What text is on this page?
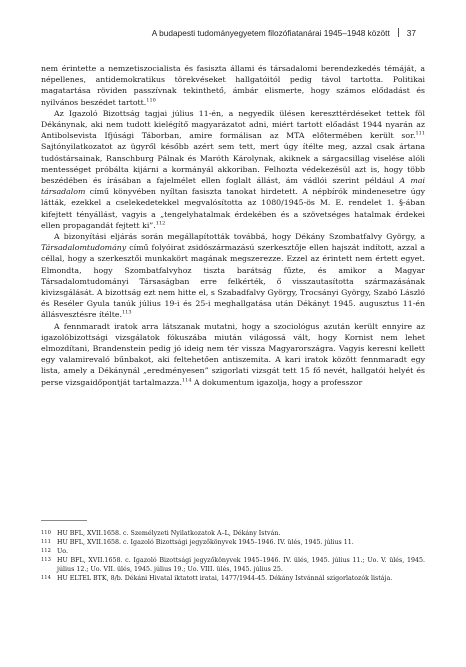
A budapesti tudományegyetem filozófiatanárai 1945–1948 között 37

nem érintette a nemzetiszocialista és fasiszta állami és társadalomi berendezkedés témáját, a népellenes, antidemokratikus törekvéseket hallgatóitól pedig távol tartotta. Politikai magatartása röviden passzívnak tekinthető, ámbár elismerte, hogy számos elődadást és nyilvános beszédet tartott.$^{110}$

Az Igazoló Bizottság tagjai július 11-én, a negyedik ülésen kereszttérdéseket tettek föl Dékánynak, aki nem tudott kielégítő magyarázatot adni, miért tartott előadást 1944 nyarán az Antibolsevista Ifjúsági Táborban, amire formálisan az MTA előtermében került sor.$^{111}$ Sajtónyilatkozatot az ügyről később azért sem tett, mert úgy ítélte meg, azzal csak ártana tudóstársainak, Ranschburg Pálnak és Maróth Károlynak, akiknek a sárgacsillag viselése alóli mentességet próbálta kijárni a kormányál akkoriban. Felhozta védekezésül azt is, hogy több beszédében és írásában a fajelmélet ellen foglalt állást, ám vádlói szerint például A mai társadalom című könyvében nyíltan fasiszta tanokat hirdetett. A népbírók mindenesetre úgy látták, ezekkel a cselekedetekkel megvalósította az 1080/1945-ös M. E. rendelet 1. §-ában kifejtett tényállást, vagyis a „tengelyhatalmak érdekében és a szövetséges hatalmak érdekei ellen propagandát fejtett ki”.$^{112}$

A bizonyítási eljárás során megállapították továbbá, hogy Dékány Szombatfalvy György, a Társadalomtudomány című folyóirat zsidószármazású szerkesztője ellen hajszát indított, azzal a céllal, hogy a szerkesztői munkakört magának megszerezze. Ezzel az érintett nem értett egyet. Elmondta, hogy Szombatfalvyhoz tiszta barátság fűzte, és amikor a Magyar Társadalomtudományi Társaságban erre felkérték, ő visszautasította származásának kivizsgálását. A bizottság ezt nem hitte el, s Szabadfalvy György, Trocsányi György, Szabó László és Reséler Gyula tanúk július 19-i és 25-i meghallgatása után Dékányt 1945. augusztus 11-én állásvesztésre ítélte.$^{113}$

A fennmaradt iratok arra látszanak mutatni, hogy a szociológus azután került ennyire az igazolóbizottsági vizsgálatok fókuszába miután világossá vált, hogy Kornist nem lehet elmozdítani, Brandenstein pedig jó ideig nem tér vissza Magyarországra. Vagyis keresni kellett egy valamirevaló bűnbakot, aki feltehetően antiszemita. A kari iratok között fennmaradt egy lista, amely a Dékánynál „eredményesen” szigorlati vizsgát tett 15 fő nevét, hallgatói helyét és perse vizsgaidőpontját tartalmazza.$^{114}$ A dokumentum igazolja, hogy a professzor

110 HU BFL, XVII.1658. c. Személyzeti Nyilatkozatok A–L, Dékány István.
111 HU BFL, XVII.1658. c. Igazoló Bizottsági jegyzőkönyvek 1945–1946. IV. ülés, 1945. július 11.
112 Uo.
113 HU BFL, XVII.1658. c. Igazoló Bizottsági jegyzőkönyvek 1945–1946. IV. ülés, 1945. július 11.; Uo. V. ülés, 1945. július 12.; Uo. VII. ülés, 1945. július 19.; Uo. VIII. ülés, 1945. július 25.
114 HU ELTEL BTK, 8/b. Dékáni Hivatal iktatott iratai, 1477/1944-45. Dékány Istvánnál szigorlatozók listája.
